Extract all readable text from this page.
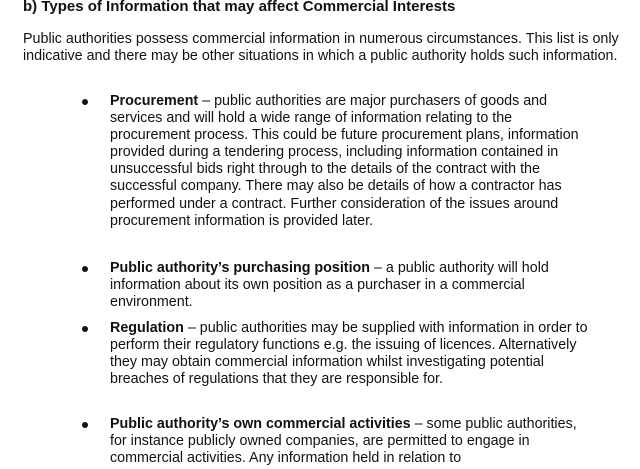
b) Types of Information that may affect Commercial Interests

Public authorities possess commercial information in numerous circumstances. This list is only indicative and there may be other situations in which a public authority holds such information.

Procurement – public authorities are major purchasers of goods and services and will hold a wide range of information relating to the procurement process. This could be future procurement plans, information provided during a tendering process, including information contained in unsuccessful bids right through to the details of the contract with the successful company. There may also be details of how a contractor has performed under a contract. Further consideration of the issues around procurement information is provided later.

Public authority’s purchasing position – a public authority will hold information about its own position as a purchaser in a commercial environment.

Regulation – public authorities may be supplied with information in order to perform their regulatory functions e.g. the issuing of licences. Alternatively they may obtain commercial information whilst investigating potential breaches of regulations that they are responsible for.

Public authority’s own commercial activities – some public authorities, for instance publicly owned companies, are permitted to engage in commercial activities. Any information held in relation to
